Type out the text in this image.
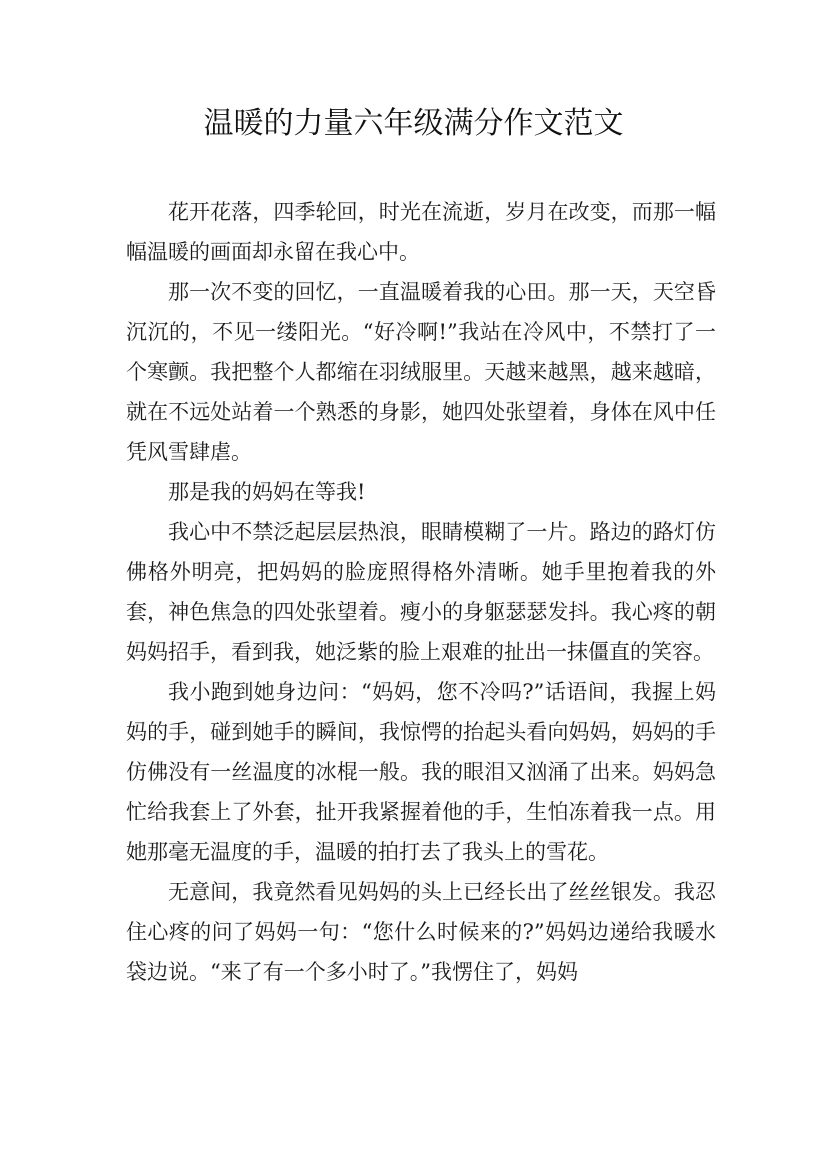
温暖的力量六年级满分作文范文

花开花落，四季轮回，时光在流逝，岁月在改变，而那一幅幅温暖的画面却永留在我心中。

那一次不变的回忆，一直温暖着我的心田。那一天，天空昏沉沉的，不见一缕阳光。“好冷啊!”我站在冷风中，不禁打了一个寒颤。我把整个人都缩在羽绒服里。天越来越黑，越来越暗，就在不远处站着一个熟悉的身影，她四处张望着，身体在风中任凭风雪肆虐。

那是我的妈妈在等我!

我心中不禁泛起层层热浪，眼睛模糊了一片。路边的路灯仿佛格外明亮，把妈妈的脸庞照得格外清晰。她手里抱着我的外套，神色焦急的四处张望着。瘦小的身躯瑟瑟发抖。我心疼的朝妈妈招手，看到我，她泛紫的脸上艰难的扯出一抹僵直的笑容。

我小跑到她身边问：“妈妈，您不冷吗?”话语间，我握上妈妈的手，碰到她手的瞬间，我惊愕的抬起头看向妈妈，妈妈的手仿佛没有一丝温度的冰棍一般。我的眼泪又汹涌了出来。妈妈急忙给我套上了外套，扯开我紧握着他的手，生怕冻着我一点。用她那毫无温度的手，温暖的拍打去了我头上的雪花。

无意间，我竟然看见妈妈的头上已经长出了丝丝银发。我忍住心疼的问了妈妈一句：“您什么时候来的?”妈妈边递给我暖水袋边说。“来了有一个多小时了。”我愣住了，妈妈
